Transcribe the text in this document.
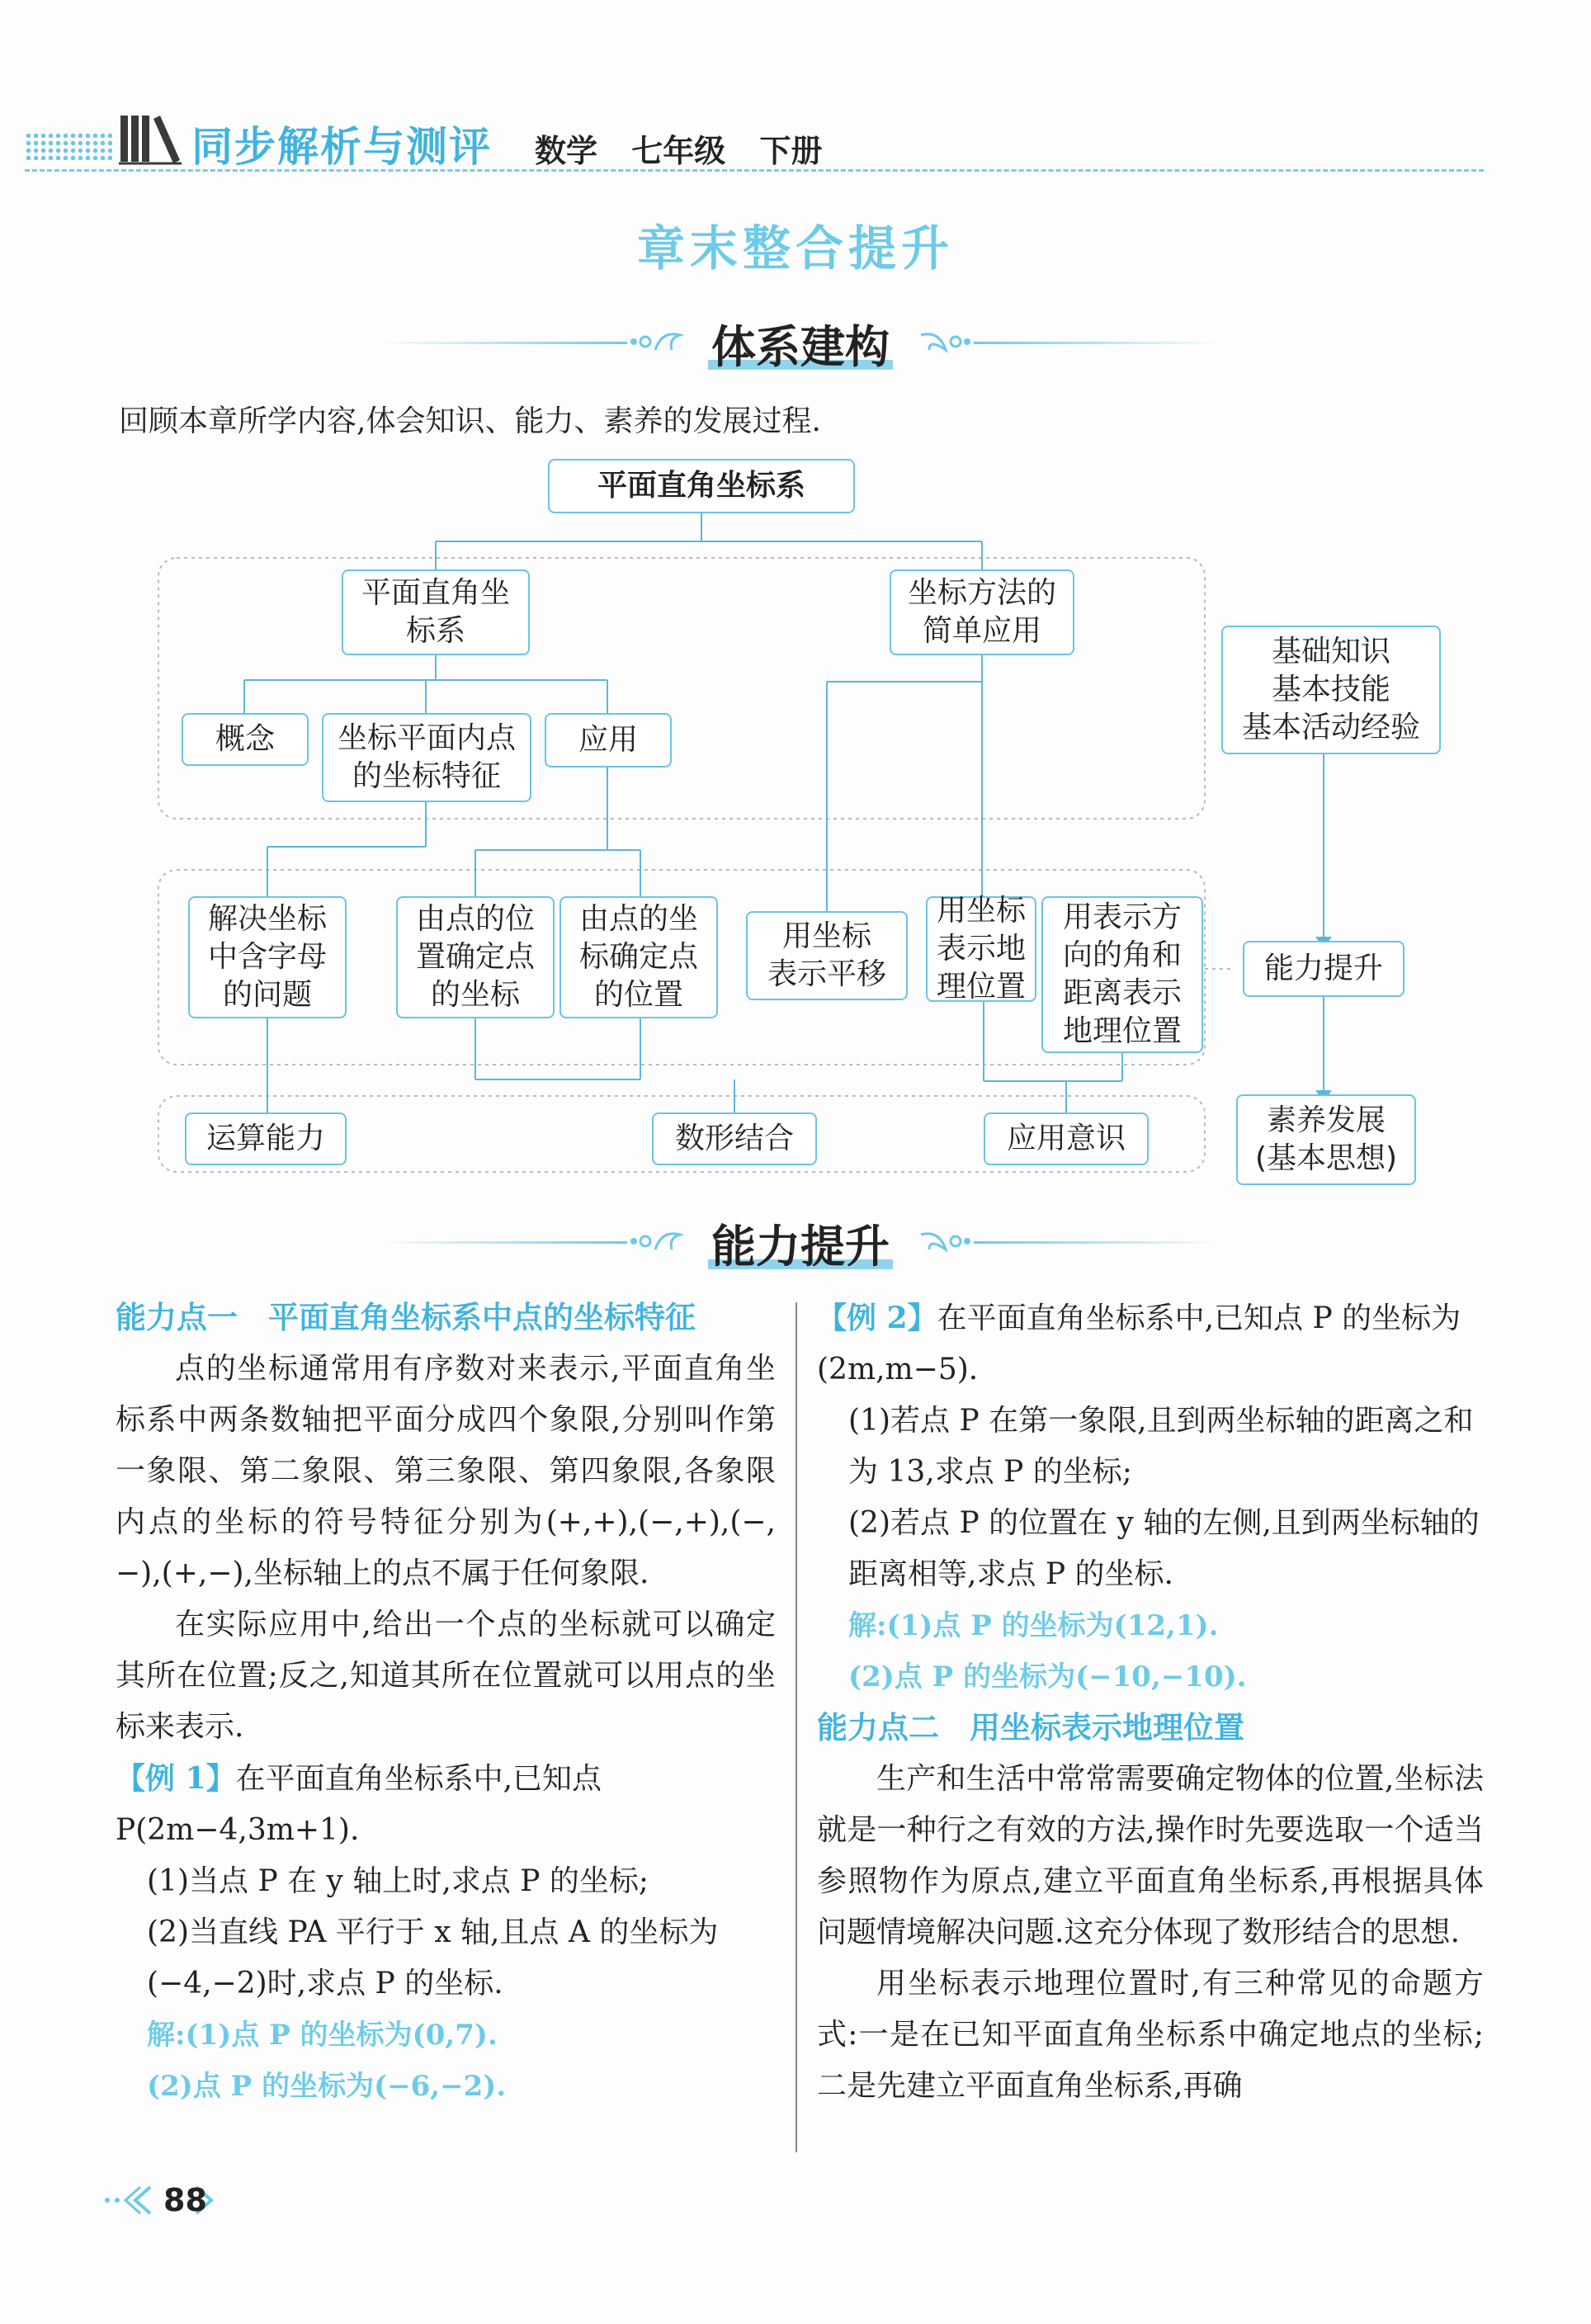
同步解析与测评 数学 七年级 下册
章末整合提升
体系建构
回顾本章所学内容,体会知识、能力、素养的发展过程.
平面直角坐标系
平面直角坐
标系
坐标方法的
简单应用
概念	坐标平面内点
的坐标特征
应用
解决坐标
中含字母
的问题
由点的位
置确定点
的坐标
由点的坐
标确定点
的位置
用坐标
表示平移
用坐标
表示地
理位置
用表示方
向的角和
距离表示
地理位置
基础知识
基本技能
基本活动经验
能力提升
素养发展
(基本思想)
运算能力	数形结合	应用意识
能力提升

能力点一　平面直角坐标系中点的坐标特征

点的坐标通常用有序数对来表示,平面直角坐标系中两条数轴把平面分成四个象限,分别叫作第一象限、第二象限、第三象限、第四象限,各象限内点的坐标的符号特征分别为(+,+),(−,+),(−,−),(+,−),坐标轴上的点不属于任何象限.

在实际应用中,给出一个点的坐标就可以确定其所在位置;反之,知道其所在位置就可以用点的坐标来表示.

【例 1】在平面直角坐标系中,已知点 P(2m−4,3m+1).

(1)当点 P 在 y 轴上时,求点 P 的坐标;

(2)当直线 PA 平行于 x 轴,且点 A 的坐标为(−4,−2)时,求点 P 的坐标.

解:(1)点 P 的坐标为(0,7).

(2)点 P 的坐标为(−6,−2).

【例 2】在平面直角坐标系中,已知点 P 的坐标为(2m,m−5).

(1)若点 P 在第一象限,且到两坐标轴的距离之和为 13,求点 P 的坐标;

(2)若点 P 的位置在 y 轴的左侧,且到两坐标轴的距离相等,求点 P 的坐标.

解:(1)点 P 的坐标为(12,1).

(2)点 P 的坐标为(−10,−10).

能力点二　用坐标表示地理位置

生产和生活中常常需要确定物体的位置,坐标法就是一种行之有效的方法,操作时先要选取一个适当参照物作为原点,建立平面直角坐标系,再根据具体问题情境解决问题.这充分体现了数形结合的思想.

用坐标表示地理位置时,有三种常见的命题方式:一是在已知平面直角坐标系中确定地点的坐标;二是先建立平面直角坐标系,再确

88
